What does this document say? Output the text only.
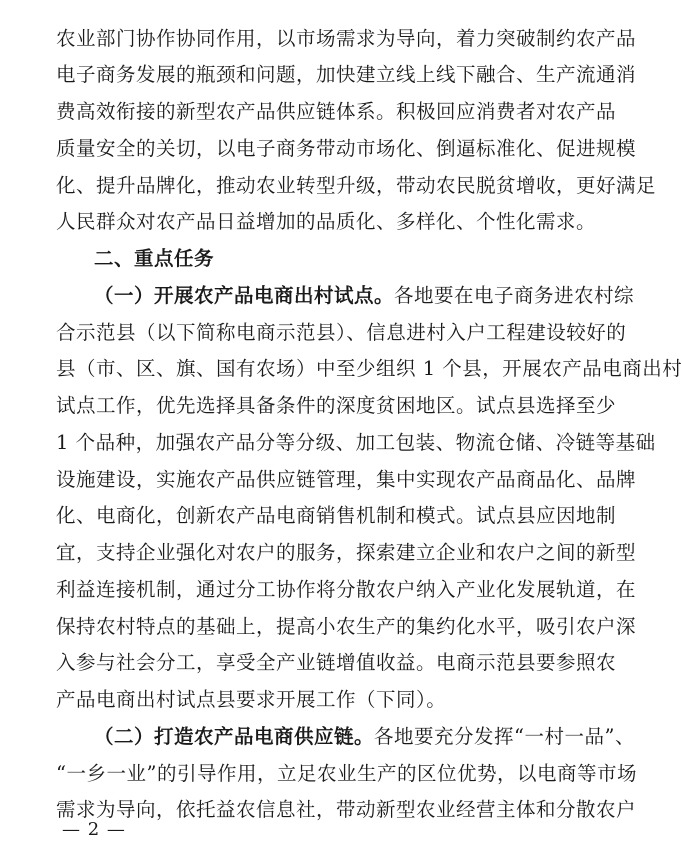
农业部门协作协同作用，以市场需求为导向，着力突破制约农产品
电子商务发展的瓶颈和问题，加快建立线上线下融合、生产流通消
费高效衔接的新型农产品供应链体系。积极回应消费者对农产品
质量安全的关切，以电子商务带动市场化、倒逼标准化、促进规模
化、提升品牌化，推动农业转型升级，带动农民脱贫增收，更好满足
人民群众对农产品日益增加的品质化、多样化、个性化需求。
二、重点任务
（一）开展农产品电商出村试点。各地要在电子商务进农村综
合示范县（以下简称电商示范县）、信息进村入户工程建设较好的
县（市、区、旗、国有农场）中至少组织 1 个县，开展农产品电商出村
试点工作，优先选择具备条件的深度贫困地区。试点县选择至少
1 个品种，加强农产品分等分级、加工包装、物流仓储、冷链等基础
设施建设，实施农产品供应链管理，集中实现农产品商品化、品牌
化、电商化，创新农产品电商销售机制和模式。试点县应因地制
宜，支持企业强化对农户的服务，探索建立企业和农户之间的新型
利益连接机制，通过分工协作将分散农户纳入产业化发展轨道，在
保持农村特点的基础上，提高小农生产的集约化水平，吸引农户深
入参与社会分工，享受全产业链增值收益。电商示范县要参照农
产品电商出村试点县要求开展工作（下同）。
（二）打造农产品电商供应链。各地要充分发挥“一村一品”、
“一乡一业”的引导作用，立足农业生产的区位优势，以电商等市场
需求为导向，依托益农信息社，带动新型农业经营主体和分散农户
— 2 —
